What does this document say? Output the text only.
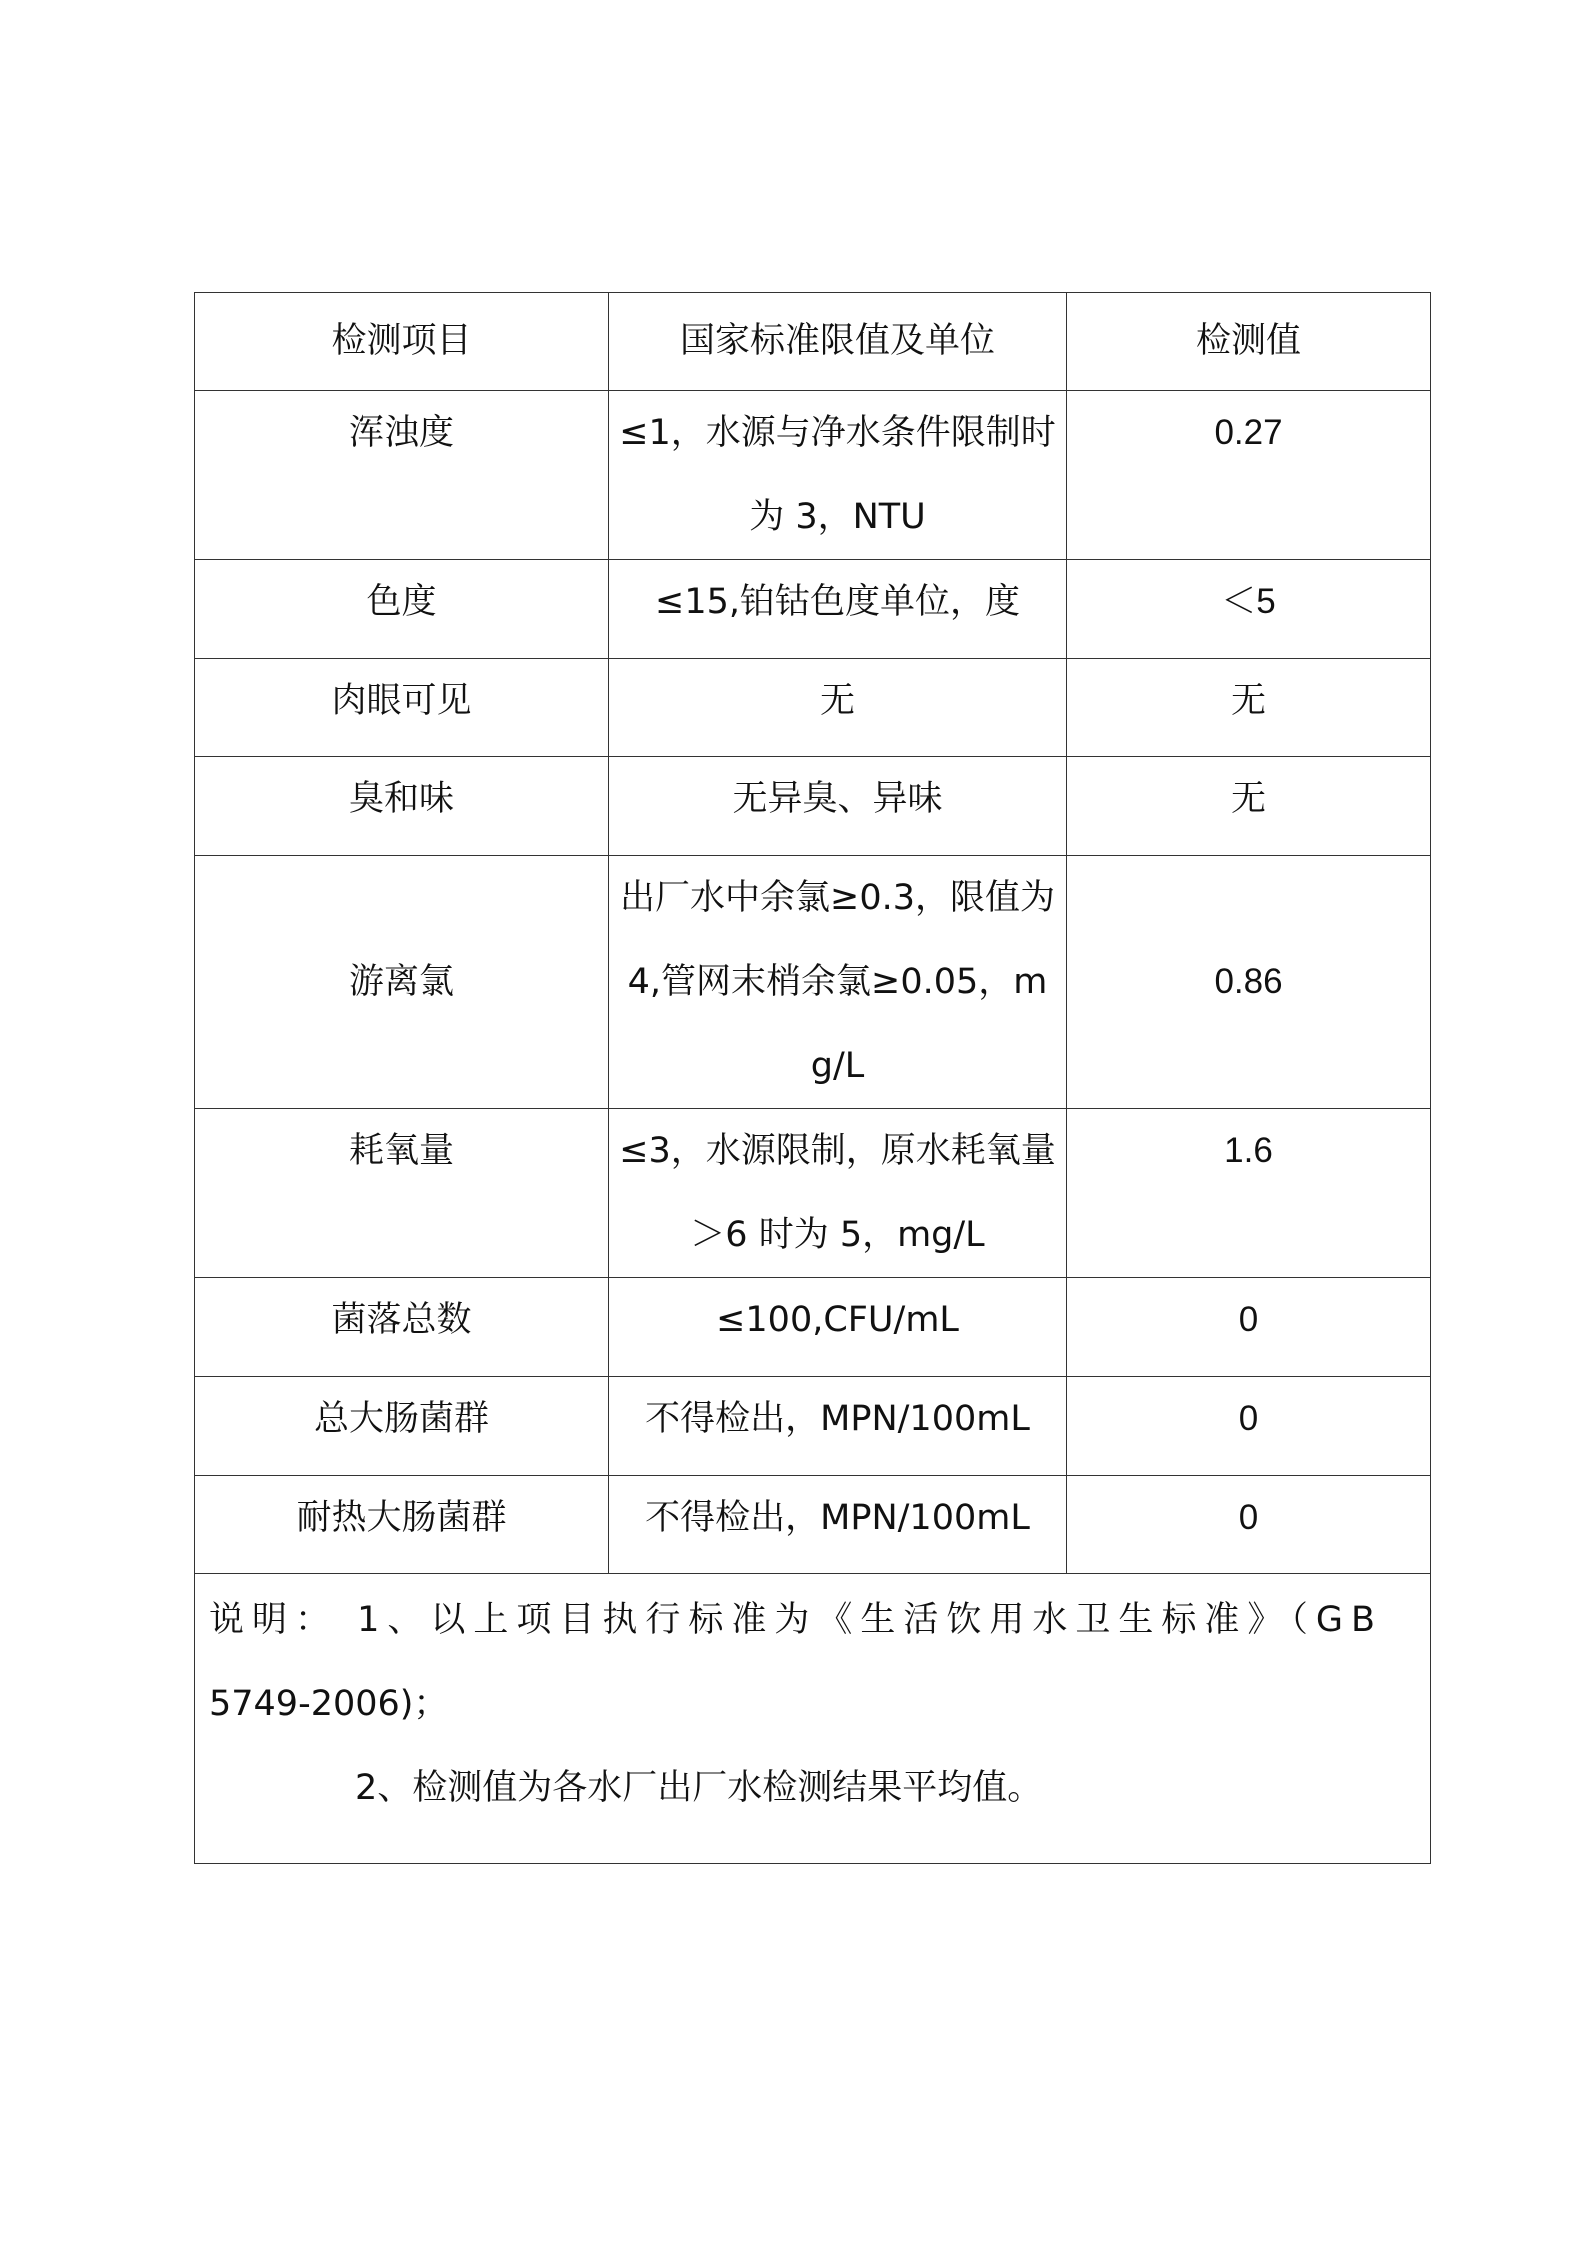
检测项目	国家标准限值及单位	检测值
浑浊度	≤1，水源与净水条件限制时为 3，NTU	0.27
色度	≤15,铂钴色度单位，度	＜5
肉眼可见	无	无
臭和味	无异臭、异味	无
游离氯	出厂水中余氯≥0.3，限值为 4,管网末梢余氯≥0.05，mg/L	0.86
耗氧量	≤3，水源限制，原水耗氧量＞6 时为 5，mg/L	1.6
菌落总数	≤100,CFU/mL	0
总大肠菌群	不得检出，MPN/100mL	0
耐热大肠菌群	不得检出，MPN/100mL	0

说明： 1、以上项目执行标准为《生活饮用水卫生标准》（GB
5749-2006)；
2、检测值为各水厂出厂水检测结果平均值。		
